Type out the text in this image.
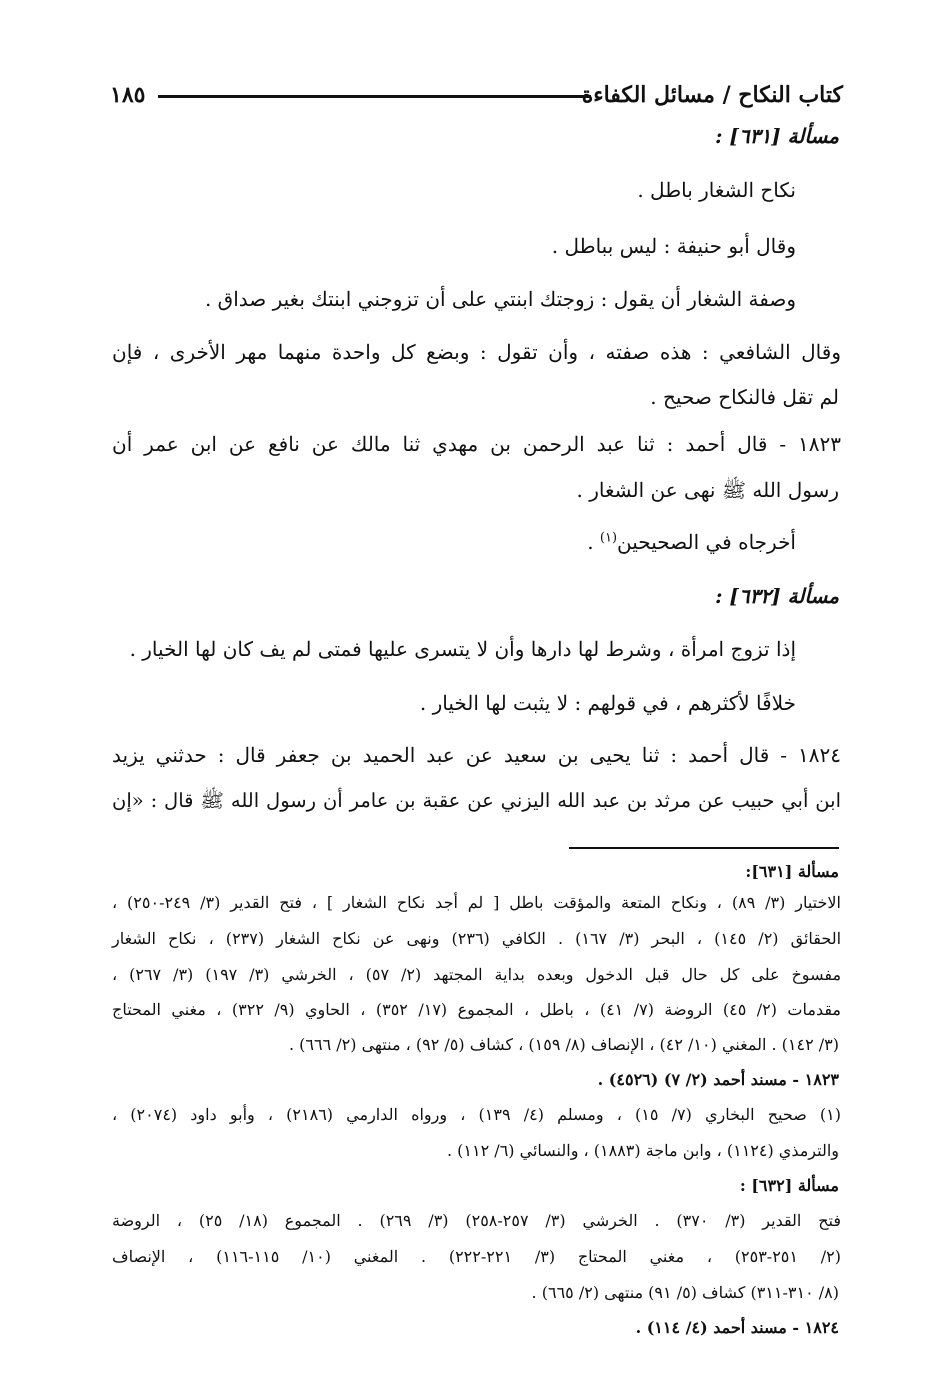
كتاب النكاح / مسائل الكفاءة
١٨٥
مسألة [٦٣١] :
نكاح الشغار باطل .
وقال أبو حنيفة : ليس بباطل .
وصفة الشغار أن يقول : زوجتك ابنتي على أن تزوجني ابنتك بغير صداق .
وقال الشافعي : هذه صفته ، وأن تقول : وبضع كل واحدة منهما مهر الأخرى ، فإن
لم تقل فالنكاح صحيح .
١٨٢٣ - قال أحمد : ثنا عبد الرحمن بن مهدي ثنا مالك عن نافع عن ابن عمر أن
رسول الله ﷺ نهى عن الشغار .
أخرجاه في الصحيحين$^{(١)}$ .
مسألة [٦٣٢] :
إذا تزوج امرأة ، وشرط لها دارها وأن لا يتسرى عليها فمتى لم يف كان لها الخيار .
خلافًا لأكثرهم ، في قولهم : لا يثبت لها الخيار .
١٨٢٤ - قال أحمد : ثنا يحيى بن سعيد عن عبد الحميد بن جعفر قال : حدثني يزيد
ابن أبي حبيب عن مرثد بن عبد الله اليزني عن عقبة بن عامر أن رسول الله ﷺ قال : «إن
مسألة [٦٣١]:
الاختيار (٣/ ٨٩) ، ونكاح المتعة والمؤقت باطل [ لم أجد نكاح الشغار ] ، فتح القدير (٣/ ٢٤٩-٢٥٠) ،
الحقائق (٢/ ١٤٥) ، البحر (٣/ ١٦٧) . الكافي (٢٣٦) ونهى عن نكاح الشغار (٢٣٧) ، نكاح الشغار
مفسوخ على كل حال قبل الدخول وبعده بداية المجتهد (٢/ ٥٧) ، الخرشي (٣/ ١٩٧) (٣/ ٢٦٧) ،
مقدمات (٢/ ٤٥) الروضة (٧/ ٤١) ، باطل ، المجموع (١٧/ ٣٥٢) ، الحاوي (٩/ ٣٢٢) ، مغني المحتاج
(٣/ ١٤٢) . المغني (١٠/ ٤٢) ، الإنصاف (٨/ ١٥٩) ، كشاف (٥/ ٩٢) ، منتهى (٢/ ٦٦٦) .
١٨٢٣ - مسند أحمد (٢/ ٧) (٤٥٢٦) .
(١) صحيح البخاري (٧/ ١٥) ، ومسلم (٤/ ١٣٩) ، ورواه الدارمي (٢١٨٦) ، وأبو داود (٢٠٧٤) ،
والترمذي (١١٢٤) ، وابن ماجة (١٨٨٣) ، والنسائي (٦/ ١١٢) .
مسألة [٦٣٢] :
فتح القدير (٣/ ٣٧٠) . الخرشي (٣/ ٢٥٧-٢٥٨) (٣/ ٢٦٩) . المجموع (١٨/ ٢٥) ، الروضة
(٢/ ٢٥١-٢٥٣) ، مغني المحتاج (٣/ ٢٢١-٢٢٢) . المغني (١٠/ ١١٥-١١٦) ، الإنصاف
(٨/ ٣١٠-٣١١) كشاف (٥/ ٩١) منتهى (٢/ ٦٦٥) .
١٨٢٤ - مسند أحمد (٤/ ١١٤) .
